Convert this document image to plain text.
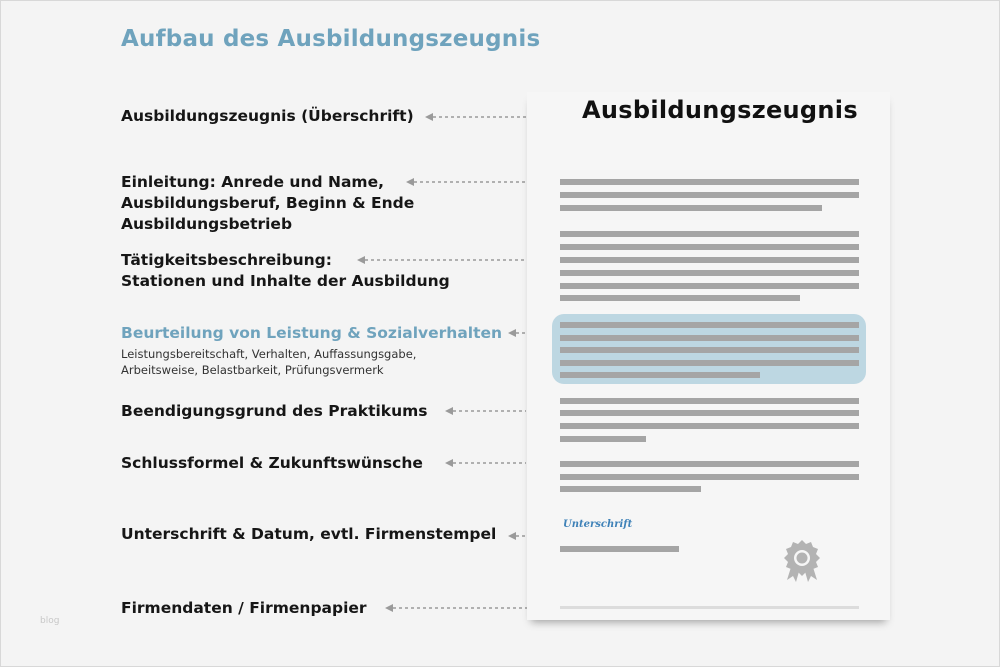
Aufbau des Ausbildungszeugnis
Ausbildungszeugnis (Überschrift)
Einleitung: Anrede und Name,
Ausbildungsberuf, Beginn & Ende
Ausbildungsbetrieb
Tätigkeitsbeschreibung:
Stationen und Inhalte der Ausbildung
Beurteilung von Leistung & Sozialverhalten
Leistungsbereitschaft, Verhalten, Auffassungsgabe,
Arbeitsweise, Belastbarkeit, Prüfungsvermerk
Beendigungsgrund des Praktikums
Schlussformel & Zukunftswünsche
Unterschrift & Datum, evtl. Firmenstempel
Firmendaten / Firmenpapier
Ausbildungszeugnis
Unterschrift
blog
